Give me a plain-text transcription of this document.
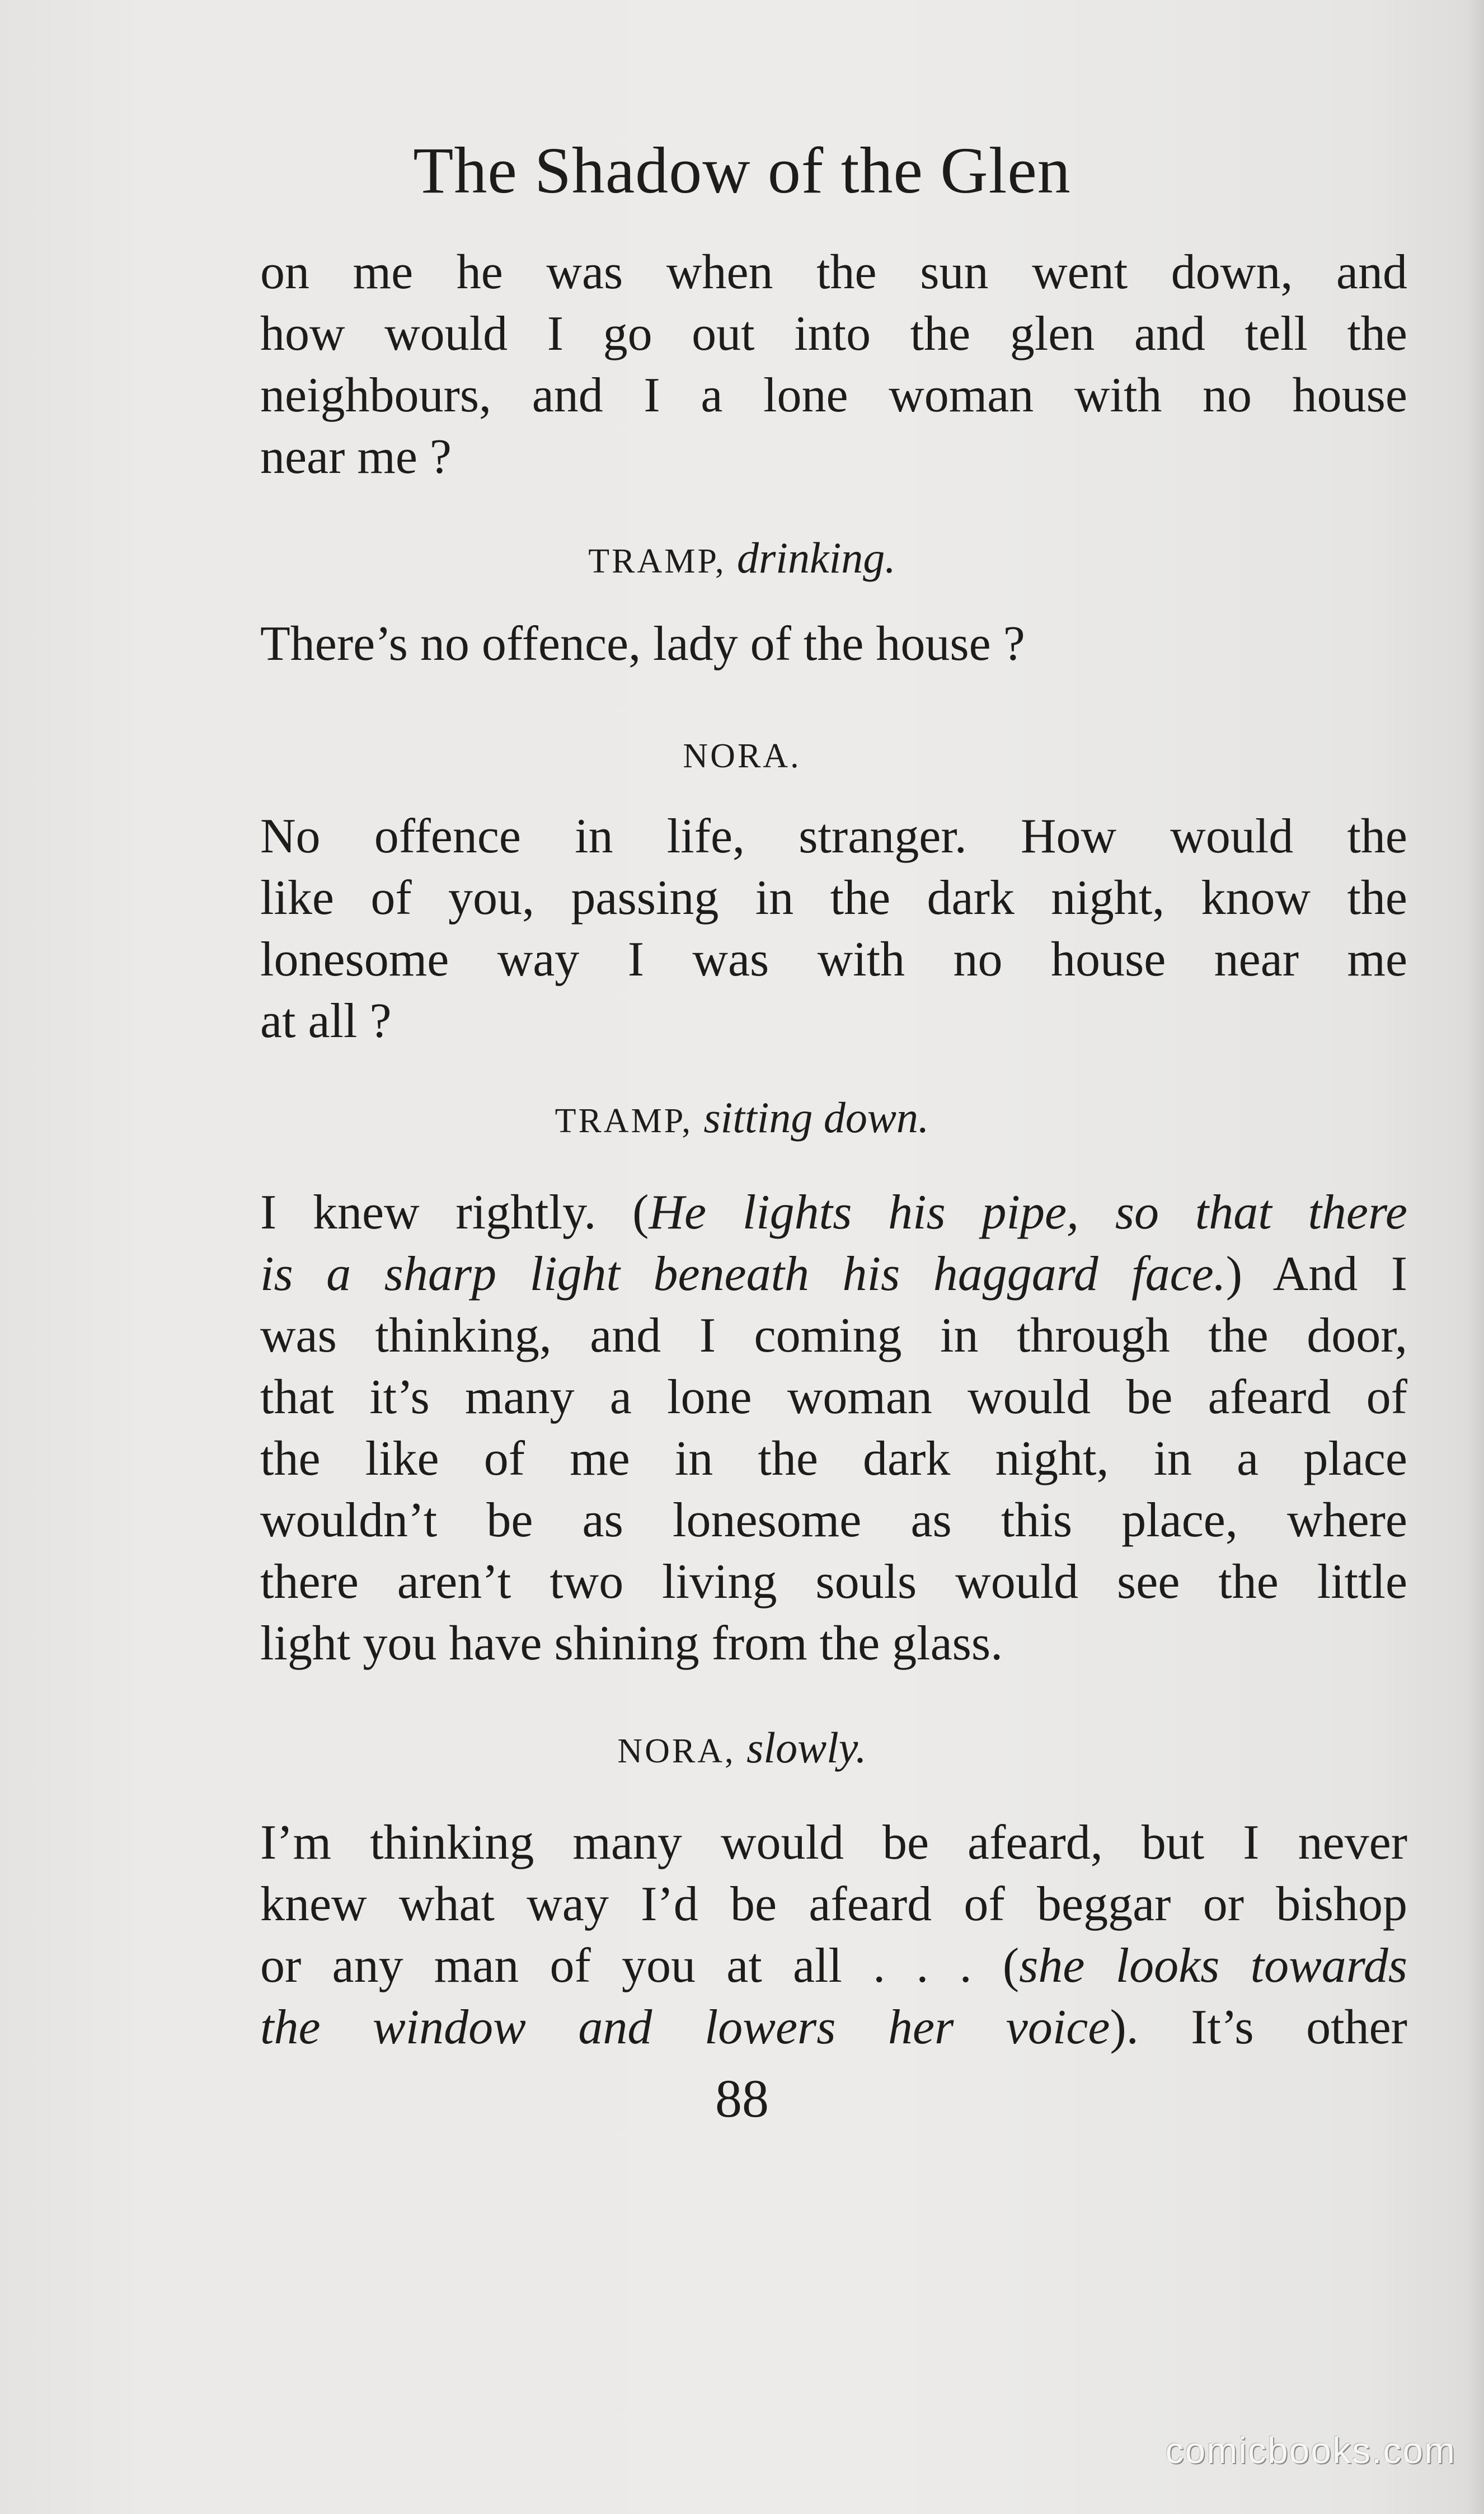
The Shadow of the Glen
on me he was when the sun went down, and
how would I go out into the glen and tell the
neighbours, and I a lone woman with no house
near me ?
TRAMP, drinking.
There’s no offence, lady of the house ?
NORA.
No offence in life, stranger. How would the
like of you, passing in the dark night, know the
lonesome way I was with no house near me
at all ?
TRAMP, sitting down.
I knew rightly. (He lights his pipe, so that there
is a sharp light beneath his haggard face.) And I
was thinking, and I coming in through the door,
that it’s many a lone woman would be afeard of
the like of me in the dark night, in a place
wouldn’t be as lonesome as this place, where
there aren’t two living souls would see the little
light you have shining from the glass.
NORA, slowly.
I’m thinking many would be afeard, but I never
knew what way I’d be afeard of beggar or bishop
or any man of you at all . . . (she looks towards
the window and lowers her voice). It’s other
88
comicbooks.com
